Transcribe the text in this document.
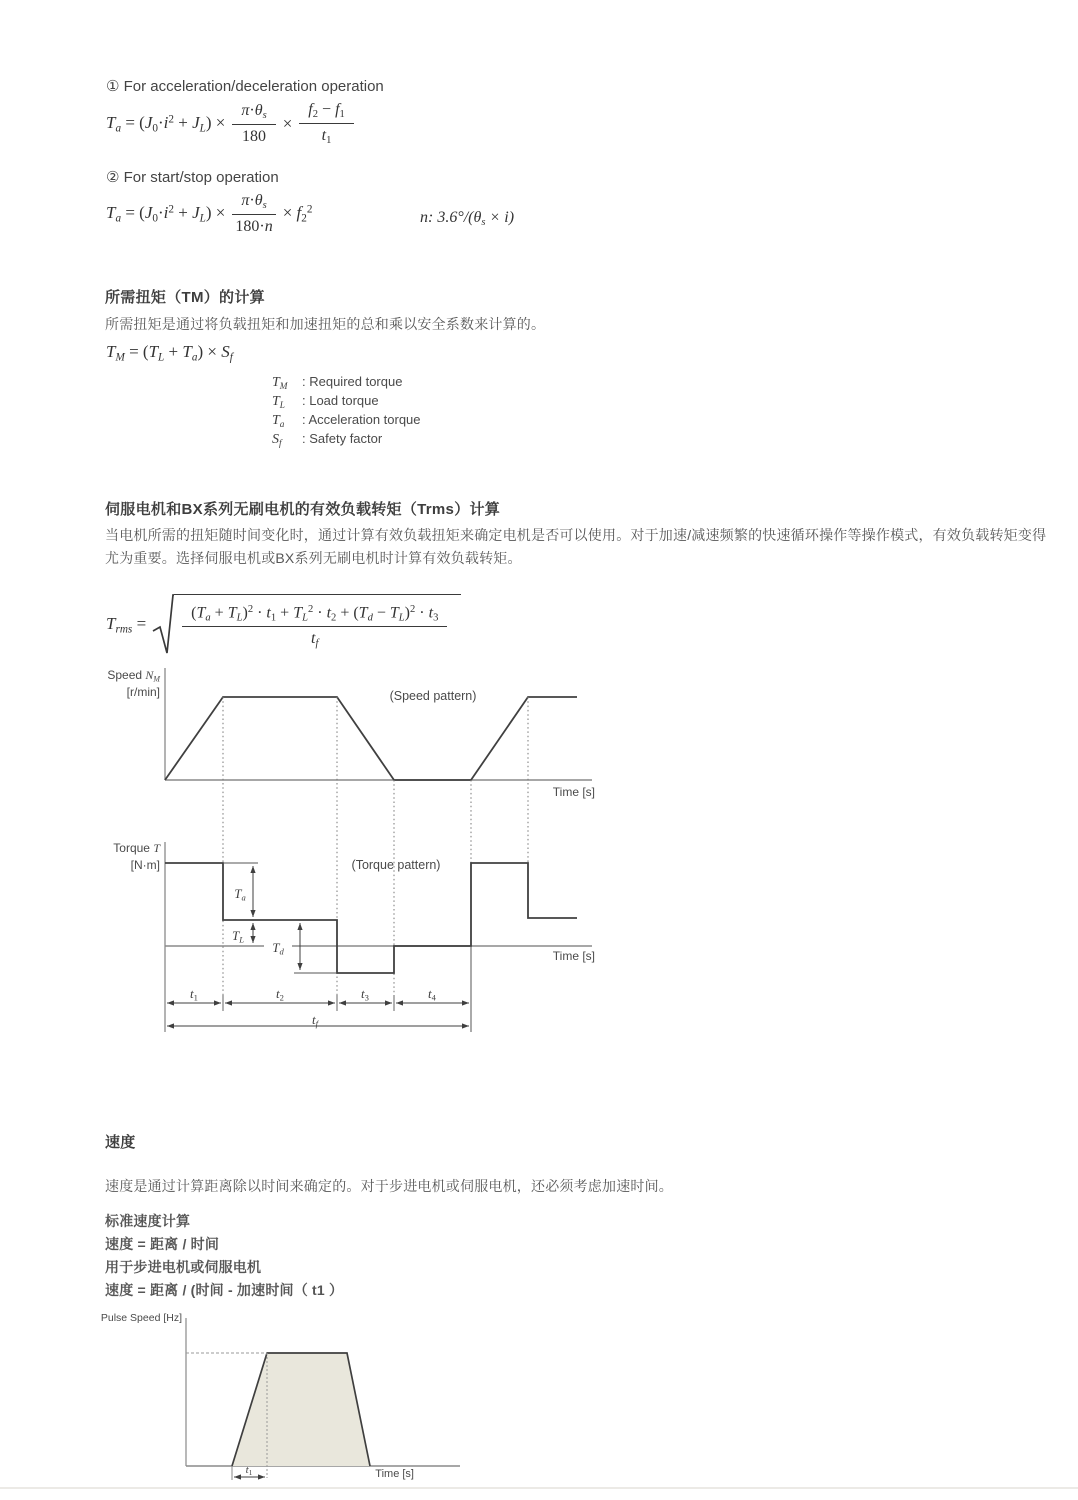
① For acceleration/deceleration operation
$T_a = (J_0\cdot i^2 + J_L) \times \frac{\pi\cdot\theta_s}{180} \times \frac{f_2 - f_1}{t_1}$
② For start/stop operation
$T_a = (J_0\cdot i^2 + J_L) \times \frac{\pi\cdot\theta_s}{180\cdot n} \times f_2^2$	n: $3.6^\circ/(\theta_s \times i)$
所需扭矩（TM）的计算
所需扭矩是通过将负载扭矩和加速扭矩的总和乘以安全系数来计算的。
$T_M = (T_L + T_a) \times S_f$
$T_M$	: Required torque
$T_L$	: Load torque
$T_a$	: Acceleration torque
$S_f$	: Safety factor
伺服电机和BX系列无刷电机的有效负载转矩（Trms）计算
当电机所需的扭矩随时间变化时，通过计算有效负载扭矩来确定电机是否可以使用。对于加速/减速频繁的快速循环操作等操作模式，有效负载转矩变得尤为重要。选择伺服电机或BX系列无刷电机时计算有效负载转矩。
$T_{rms} = \frac{(T_a + T_L)^2 \cdot t_1 + T_L^2 \cdot t_2 + (T_d - T_L)^2 \cdot t_3}{t_f}$
Speed $N_M$
[r/min]	(Speed pattern)
Time [s]
Torque T
[N·m]	(Torque pattern)
Time [s]
$T_a$
$T_L$
$T_d$
$t_1$	$t_2$	$t_3$	$t_4$
$t_f$
速度
速度是通过计算距离除以时间来确定的。对于步进电机或伺服电机，还必须考虑加速时间。
标准速度计算
速度 = 距离 / 时间
用于步进电机或伺服电机
速度 = 距离 / (时间 - 加速时间（ t1 ）
Pulse Speed [Hz]
$t_1$	Time [s]
